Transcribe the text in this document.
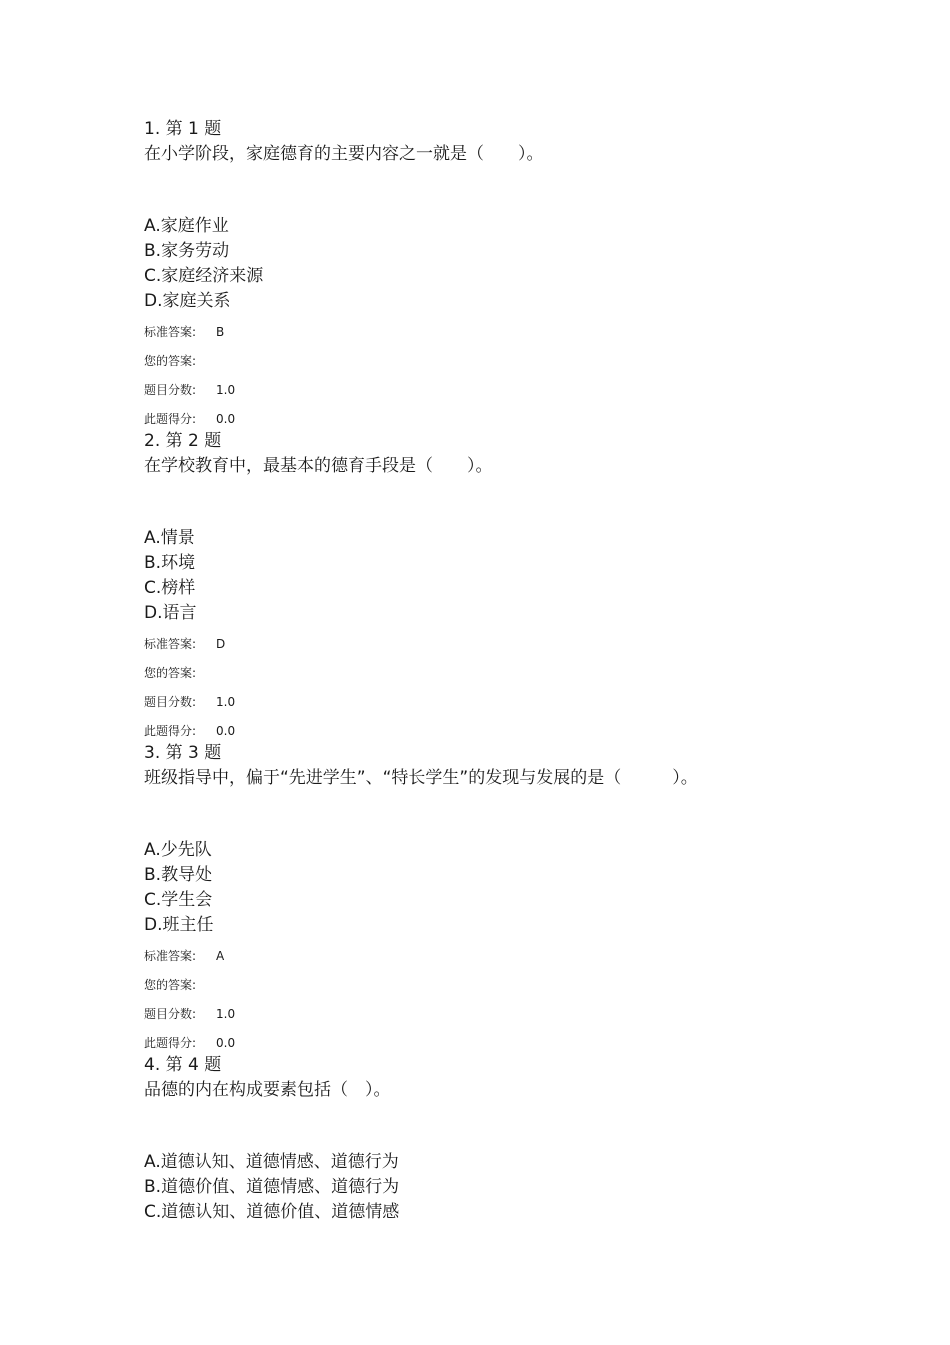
1. 第 1 题
在小学阶段，家庭德育的主要内容之一就是（　　）。
A.家庭作业
B.家务劳动
C.家庭经济来源
D.家庭关系
标准答案: B
您的答案:
题目分数: 1.0
此题得分: 0.0
2. 第 2 题
在学校教育中，最基本的德育手段是（　　）。
A.情景
B.环境
C.榜样
D.语言
标准答案: D
您的答案:
题目分数: 1.0
此题得分: 0.0
3. 第 3 题
班级指导中，偏于“先进学生”、“特长学生”的发现与发展的是（　　　）。
A.少先队
B.教导处
C.学生会
D.班主任
标准答案: A
您的答案:
题目分数: 1.0
此题得分: 0.0
4. 第 4 题
品德的内在构成要素包括（　）。
A.道德认知、道德情感、道德行为
B.道德价值、道德情感、道德行为
C.道德认知、道德价值、道德情感
